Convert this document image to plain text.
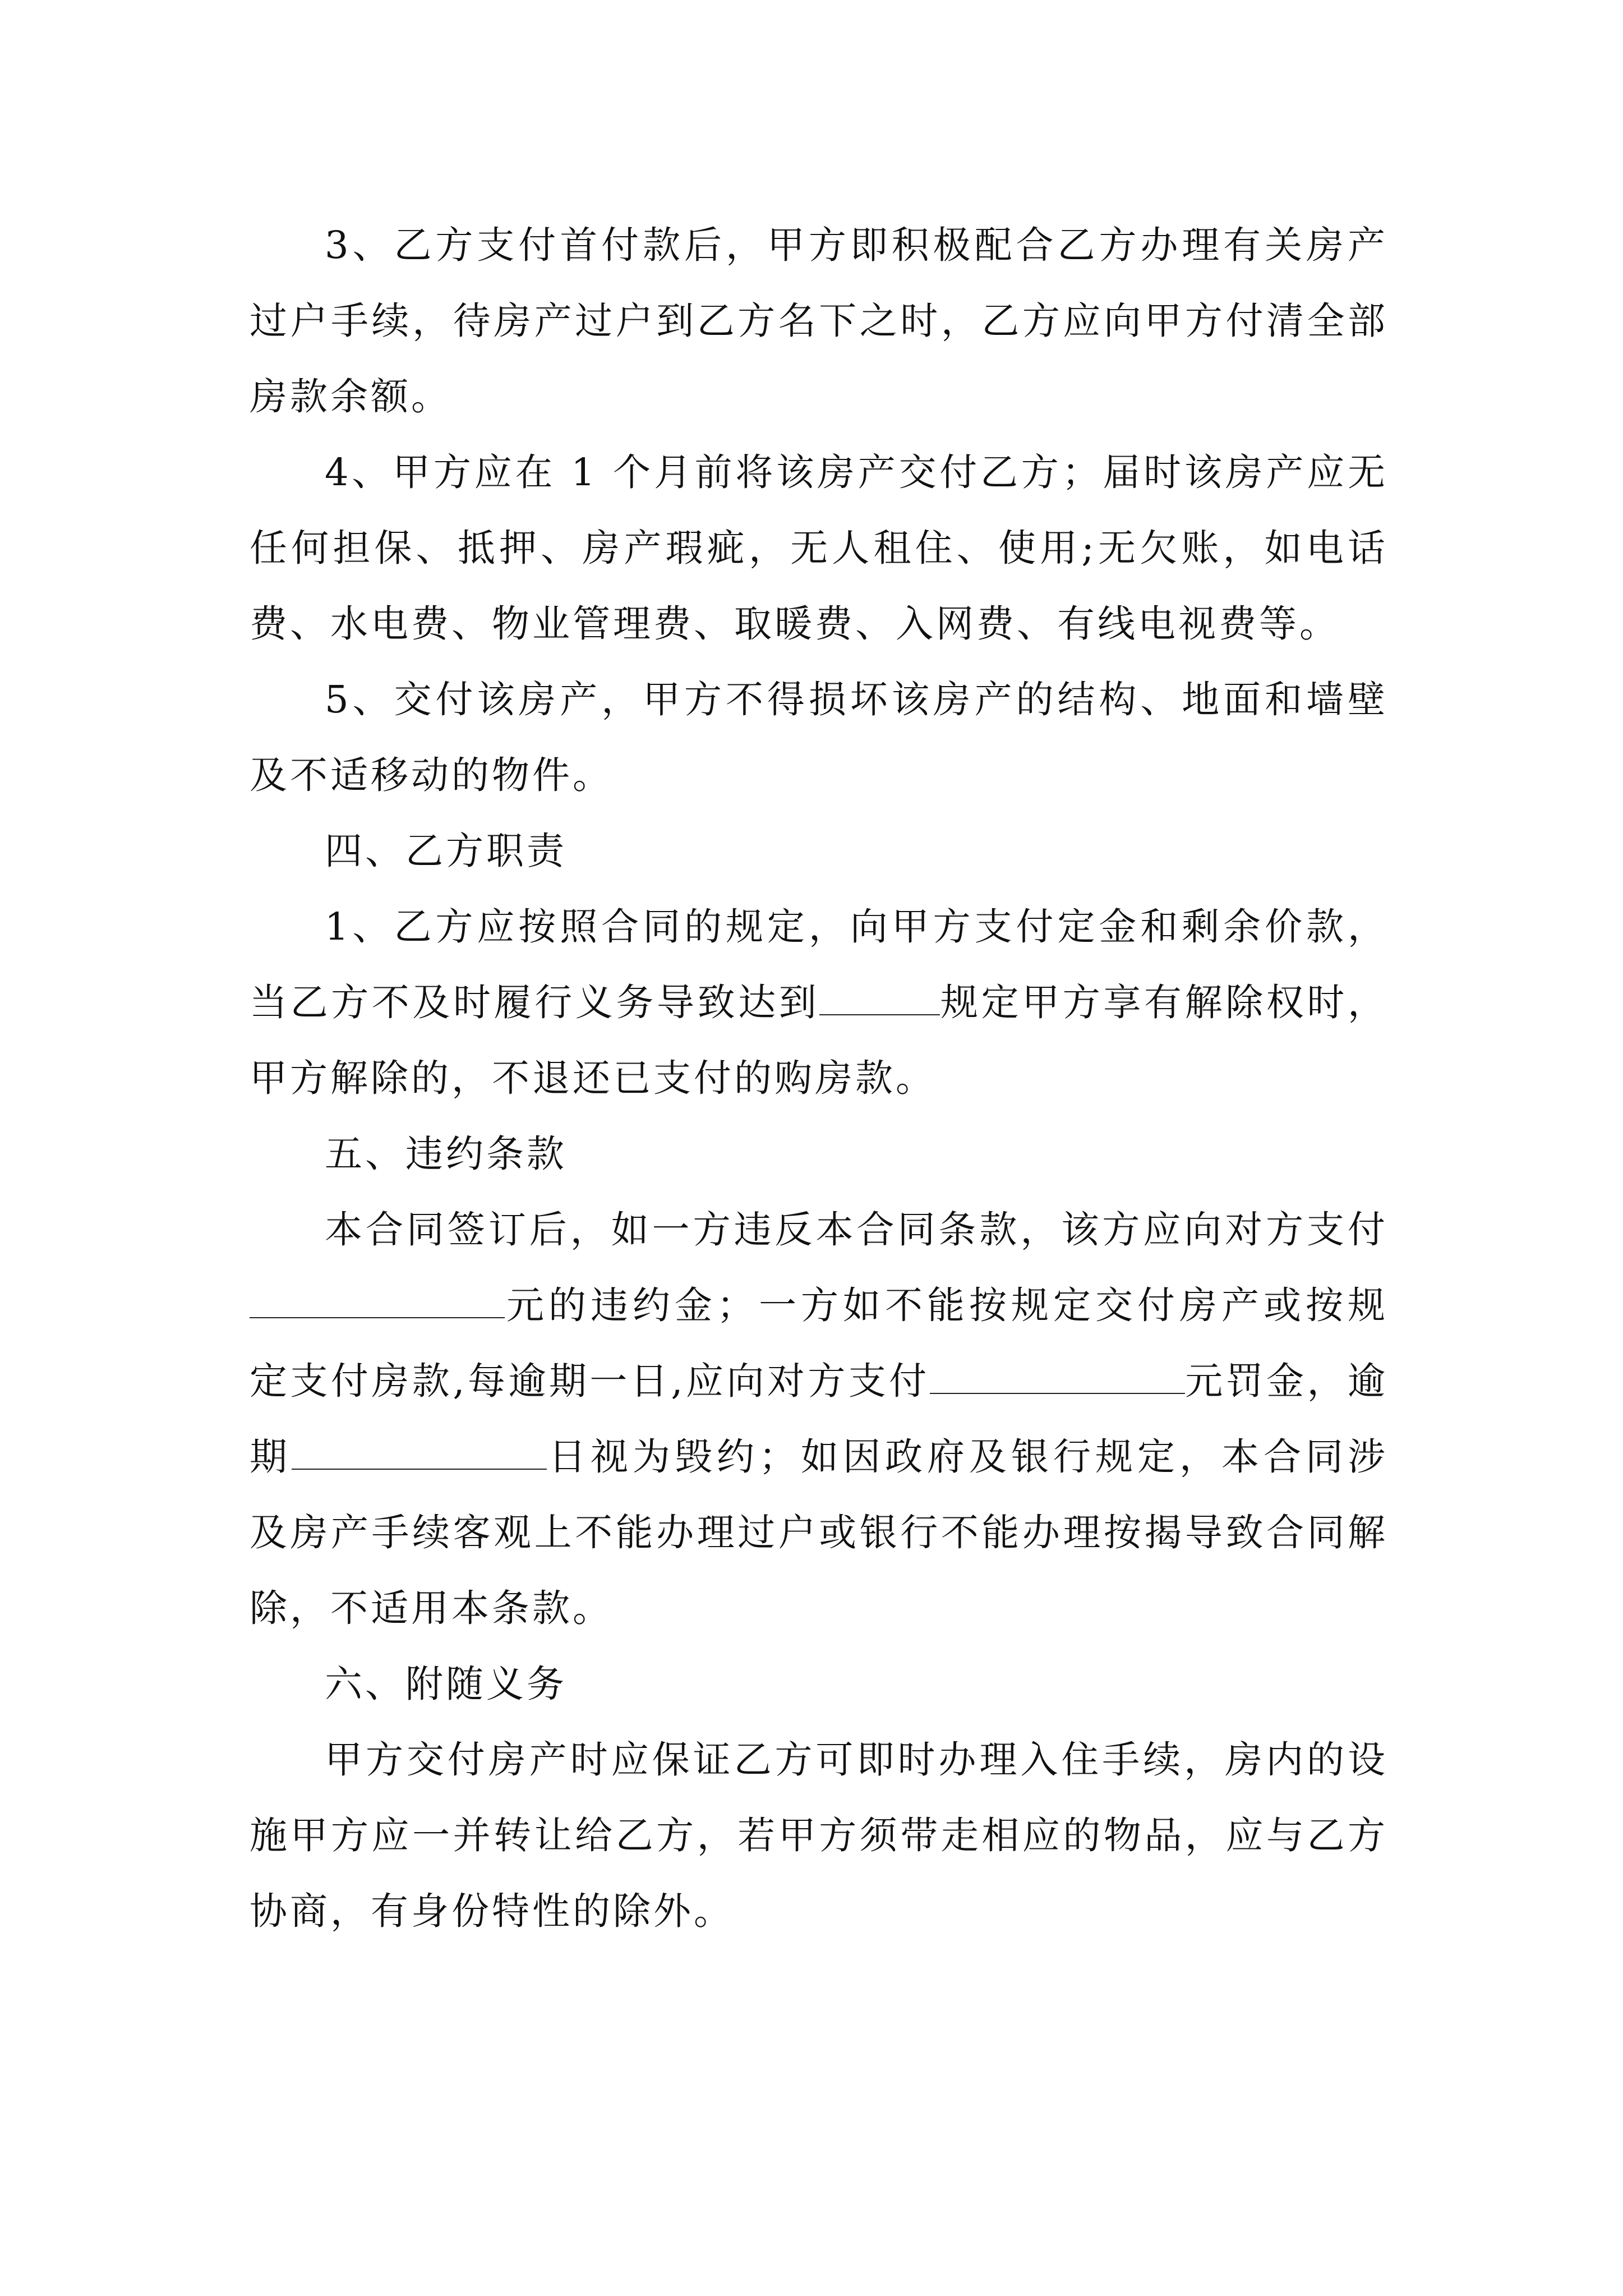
3、乙方支付首付款后，甲方即积极配合乙方办理有关房产过户手续，待房产过户到乙方名下之时，乙方应向甲方付清全部房款余额。

4、甲方应在 1 个月前将该房产交付乙方；届时该房产应无任何担保、抵押、房产瑕疵，无人租住、使用;无欠账，如电话费、水电费、物业管理费、取暖费、入网费、有线电视费等。

5、交付该房产，甲方不得损坏该房产的结构、地面和墙壁及不适移动的物件。

四、乙方职责

1、乙方应按照合同的规定，向甲方支付定金和剩余价款，当乙方不及时履行义务导致达到	规定甲方享有解除权时，甲方解除的，不退还已支付的购房款。

五、违约条款

本合同签订后，如一方违反本合同条款，该方应向对方支付元的违约金；一方如不能按规定交付房产或按规定支付房款,每逾期一日,应向对方支付	元罚金，逾期	日视为毁约；如因政府及银行规定，本合同涉及房产手续客观上不能办理过户或银行不能办理按揭导致合同解除，不适用本条款。

六、附随义务

甲方交付房产时应保证乙方可即时办理入住手续，房内的设施甲方应一并转让给乙方，若甲方须带走相应的物品，应与乙方协商，有身份特性的除外。
